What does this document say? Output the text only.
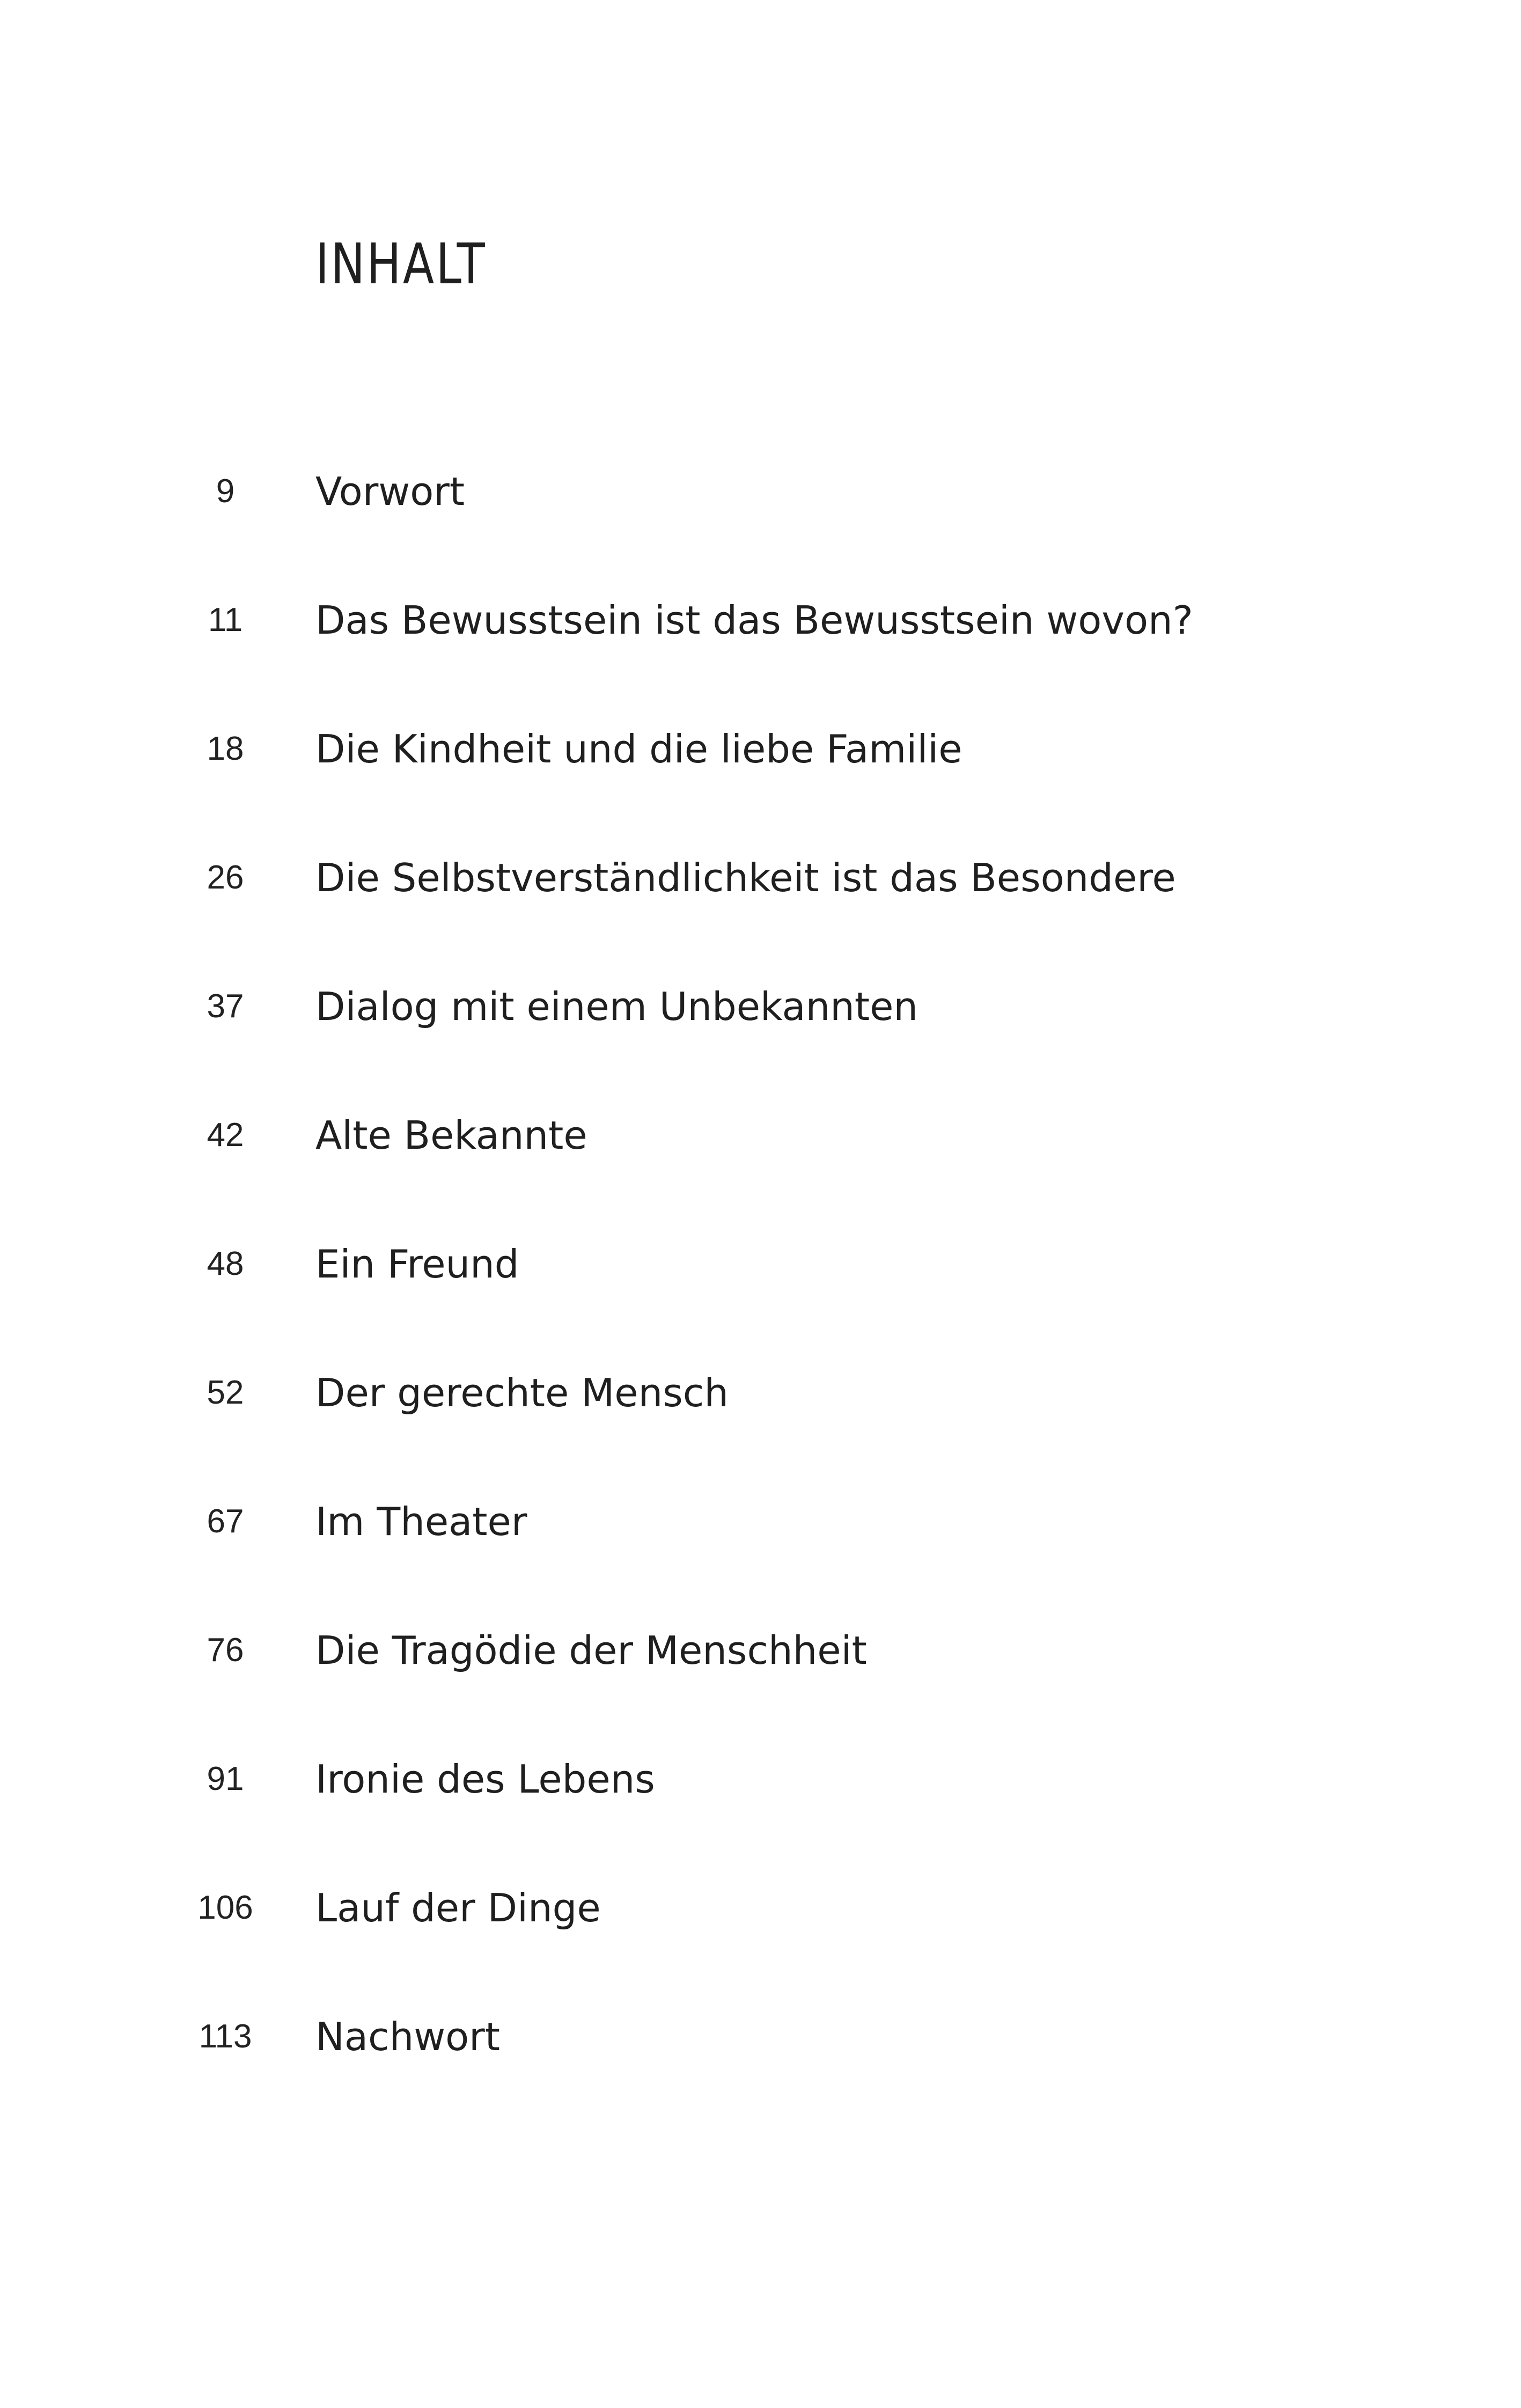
INHALT
9	Vorwort
11	Das Bewusstsein ist das Bewusstsein wovon?
18	Die Kindheit und die liebe Familie
26	Die Selbstverständlichkeit ist das Besondere
37	Dialog mit einem Unbekannten
42	Alte Bekannte
48	Ein Freund
52	Der gerechte Mensch
67	Im Theater
76	Die Tragödie der Menschheit
91	Ironie des Lebens
106	Lauf der Dinge
113	Nachwort
